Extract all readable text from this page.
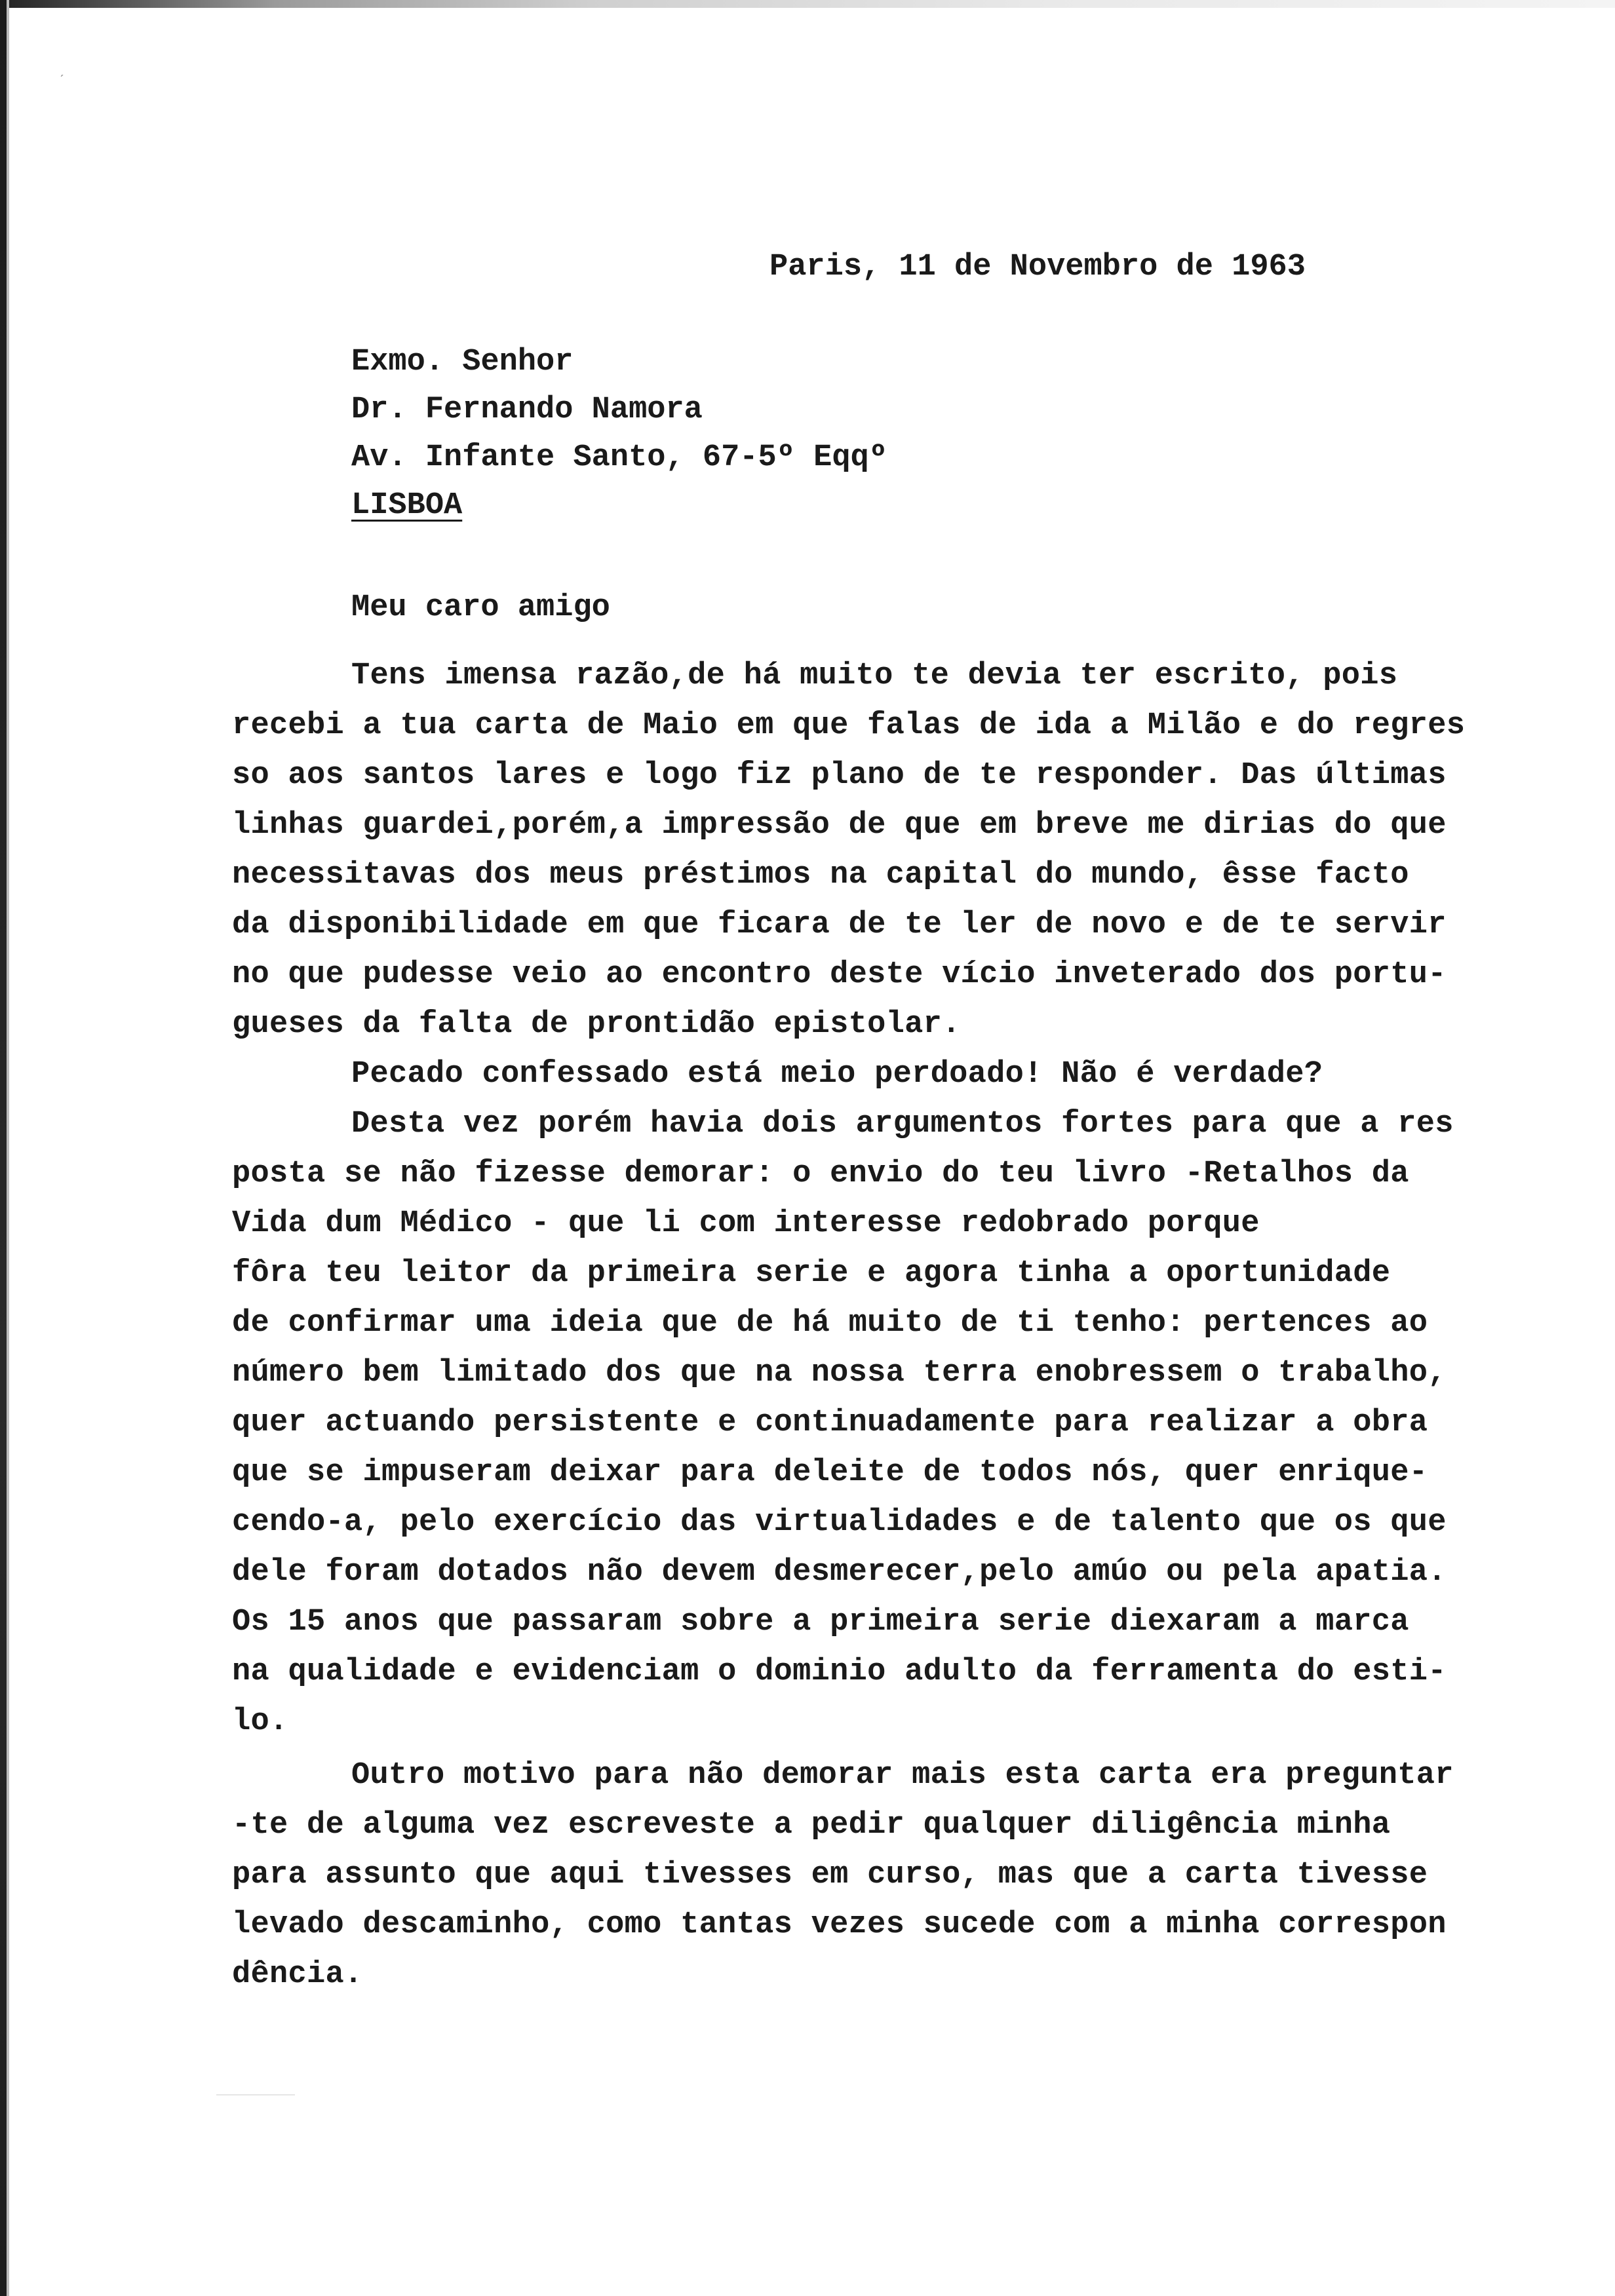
ˊ
Paris, 11 de Novembro de 1963
Exmo. Senhor
Dr. Fernando Namora
Av. Infante Santo, 67-5º Eqqº
LISBOA
Meu caro amigo
Tens imensa razão,de há muito te devia ter escrito, pois
recebi a tua carta de Maio em que falas de ida a Milão e do regres
so aos santos lares e logo fiz plano de te responder. Das últimas
linhas guardei,porém,a impressão de que em breve me dirias do que
necessitavas dos meus préstimos na capital do mundo, êsse facto
da disponibilidade em que ficara de te ler de novo e de te servir
no que pudesse veio ao encontro deste vício inveterado dos portu-
gueses da falta de prontidão epistolar.
Pecado confessado está meio perdoado! Não é verdade?
Desta vez porém havia dois argumentos fortes para que a res
posta se não fizesse demorar: o envio do teu livro -Retalhos da
Vida dum Médico - que li com interesse redobrado porque
fôra teu leitor da primeira serie e agora tinha a oportunidade
de confirmar uma ideia que de há muito de ti tenho: pertences ao
número bem limitado dos que na nossa terra enobressem o trabalho,
quer actuando persistente e continuadamente para realizar a obra
que se impuseram deixar para deleite de todos nós, quer enrique-
cendo-a, pelo exercício das virtualidades e de talento que os que
dele foram dotados não devem desmerecer,pelo amúo ou pela apatia.
Os 15 anos que passaram sobre a primeira serie diexaram a marca
na qualidade e evidenciam o dominio adulto da ferramenta do esti-
lo.
Outro motivo para não demorar mais esta carta era preguntar
-te de alguma vez escreveste a pedir qualquer diligência minha
para assunto que aqui tivesses em curso, mas que a carta tivesse
levado descaminho, como tantas vezes sucede com a minha correspon
dência.
